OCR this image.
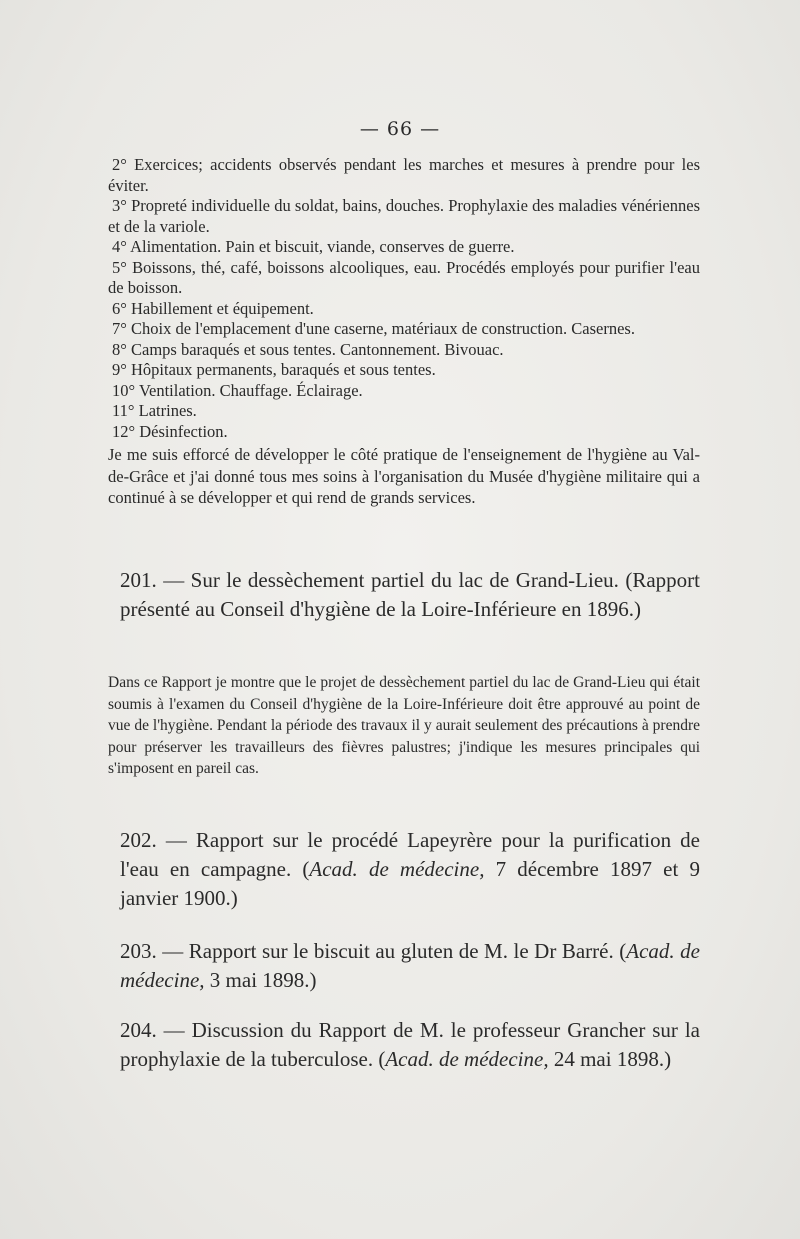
— 66 —

2° Exercices; accidents observés pendant les marches et mesures à prendre pour les éviter.

3° Propreté individuelle du soldat, bains, douches. Prophylaxie des maladies vénériennes et de la variole.

4° Alimentation. Pain et biscuit, viande, conserves de guerre.

5° Boissons, thé, café, boissons alcooliques, eau. Procédés employés pour purifier l'eau de boisson.

6° Habillement et équipement.

7° Choix de l'emplacement d'une caserne, matériaux de construction. Casernes.

8° Camps baraqués et sous tentes. Cantonnement. Bivouac.

9° Hôpitaux permanents, baraqués et sous tentes.

10° Ventilation. Chauffage. Éclairage.

11° Latrines.

12° Désinfection.

Je me suis efforcé de développer le côté pratique de l'enseignement de l'hygiène au Val-de-Grâce et j'ai donné tous mes soins à l'organisation du Musée d'hygiène militaire qui a continué à se développer et qui rend de grands services.

201. — Sur le dessèchement partiel du lac de Grand-Lieu. (Rapport présenté au Conseil d'hygiène de la Loire-Inférieure en 1896.)

Dans ce Rapport je montre que le projet de dessèchement partiel du lac de Grand-Lieu qui était soumis à l'examen du Conseil d'hygiène de la Loire-Inférieure doit être approuvé au point de vue de l'hygiène. Pendant la période des travaux il y aurait seulement des précautions à prendre pour préserver les travailleurs des fièvres palustres; j'indique les mesures principales qui s'imposent en pareil cas.

202. — Rapport sur le procédé Lapeyrère pour la purification de l'eau en campagne. (Acad. de médecine, 7 décembre 1897 et 9 janvier 1900.)

203. — Rapport sur le biscuit au gluten de M. le Dr Barré. (Acad. de médecine, 3 mai 1898.)

204. — Discussion du Rapport de M. le professeur Grancher sur la prophylaxie de la tuberculose. (Acad. de médecine, 24 mai 1898.)
